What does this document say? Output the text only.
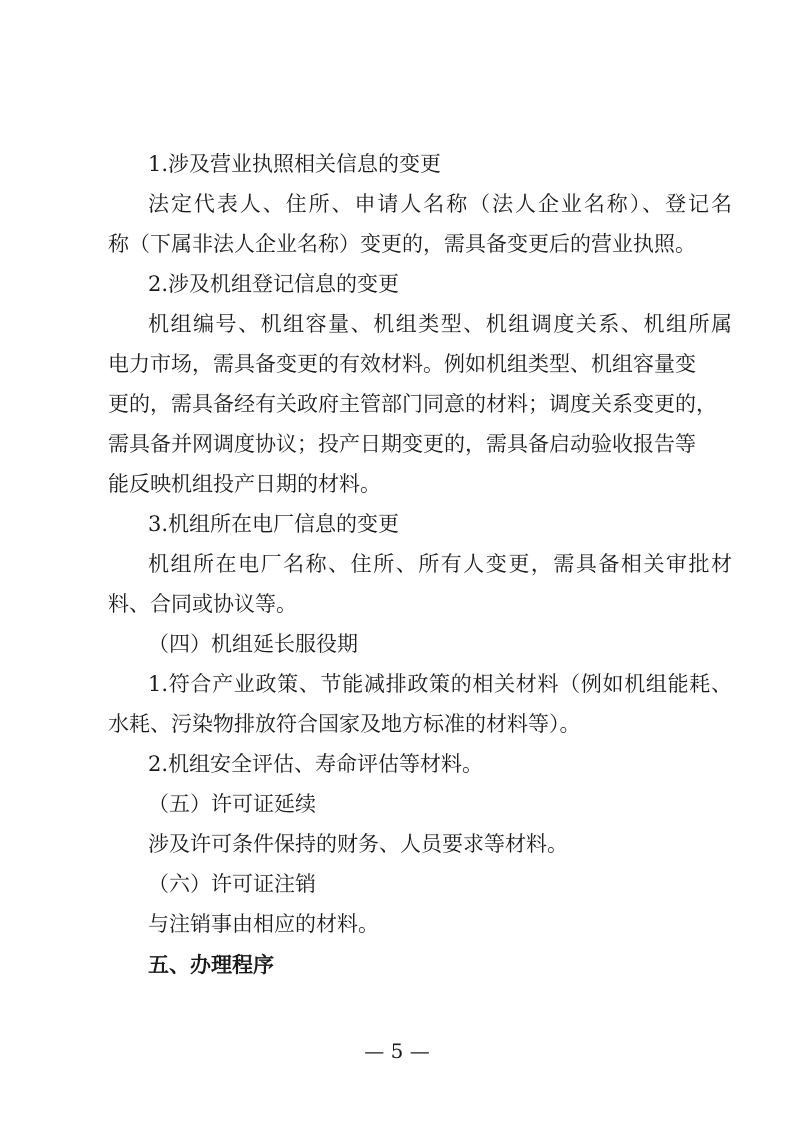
1.涉及营业执照相关信息的变更
法定代表人、住所、申请人名称（法人企业名称）、登记名
称（下属非法人企业名称）变更的，需具备变更后的营业执照。
2.涉及机组登记信息的变更
机组编号、机组容量、机组类型、机组调度关系、机组所属
电力市场，需具备变更的有效材料。例如机组类型、机组容量变
更的，需具备经有关政府主管部门同意的材料；调度关系变更的，
需具备并网调度协议；投产日期变更的，需具备启动验收报告等
能反映机组投产日期的材料。
3.机组所在电厂信息的变更
机组所在电厂名称、住所、所有人变更，需具备相关审批材
料、合同或协议等。
（四）机组延长服役期
1.符合产业政策、节能减排政策的相关材料（例如机组能耗、
水耗、污染物排放符合国家及地方标准的材料等）。
2.机组安全评估、寿命评估等材料。
（五）许可证延续
涉及许可条件保持的财务、人员要求等材料。
（六）许可证注销
与注销事由相应的材料。
五、办理程序
— 5 —
